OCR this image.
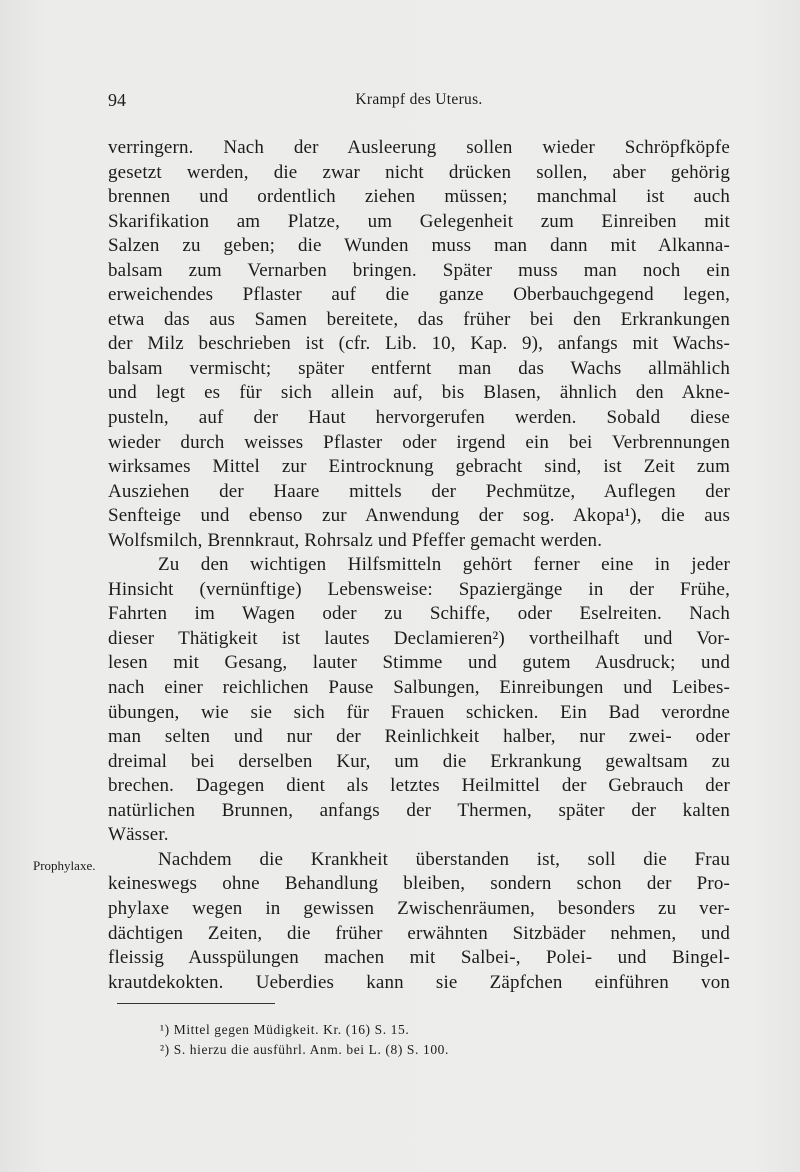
94	Krampf des Uterus.
verringern. Nach der Ausleerung sollen wieder Schröpfköpfe
gesetzt werden, die zwar nicht drücken sollen, aber gehörig
brennen und ordentlich ziehen müssen; manchmal ist auch
Skarifikation am Platze, um Gelegenheit zum Einreiben mit
Salzen zu geben; die Wunden muss man dann mit Alkanna-
balsam zum Vernarben bringen. Später muss man noch ein
erweichendes Pflaster auf die ganze Oberbauchgegend legen,
etwa das aus Samen bereitete, das früher bei den Erkrankungen
der Milz beschrieben ist (cfr. Lib. 10, Kap. 9), anfangs mit Wachs-
balsam vermischt; später entfernt man das Wachs allmählich
und legt es für sich allein auf, bis Blasen, ähnlich den Akne-
pusteln, auf der Haut hervorgerufen werden. Sobald diese
wieder durch weisses Pflaster oder irgend ein bei Verbrennungen
wirksames Mittel zur Eintrocknung gebracht sind, ist Zeit zum
Ausziehen der Haare mittels der Pechmütze, Auflegen der
Senfteige und ebenso zur Anwendung der sog. Akopa¹), die aus
Wolfsmilch, Brennkraut, Rohrsalz und Pfeffer gemacht werden.
Zu den wichtigen Hilfsmitteln gehört ferner eine in jeder
Hinsicht (vernünftige) Lebensweise: Spaziergänge in der Frühe,
Fahrten im Wagen oder zu Schiffe, oder Eselreiten. Nach
dieser Thätigkeit ist lautes Declamieren²) vortheilhaft und Vor-
lesen mit Gesang, lauter Stimme und gutem Ausdruck; und
nach einer reichlichen Pause Salbungen, Einreibungen und Leibes-
übungen, wie sie sich für Frauen schicken. Ein Bad verordne
man selten und nur der Reinlichkeit halber, nur zwei- oder
dreimal bei derselben Kur, um die Erkrankung gewaltsam zu
brechen. Dagegen dient als letztes Heilmittel der Gebrauch der
natürlichen Brunnen, anfangs der Thermen, später der kalten
Wässer.
Nachdem die Krankheit überstanden ist, soll die Frau
keineswegs ohne Behandlung bleiben, sondern schon der Pro-
phylaxe wegen in gewissen Zwischenräumen, besonders zu ver-
dächtigen Zeiten, die früher erwähnten Sitzbäder nehmen, und
fleissig Ausspülungen machen mit Salbei-, Polei- und Bingel-
krautdekokten. Ueberdies kann sie Zäpfchen einführen von
Prophylaxe.
¹) Mittel gegen Müdigkeit. Kr. (16) S. 15.
²) S. hierzu die ausführl. Anm. bei L. (8) S. 100.
